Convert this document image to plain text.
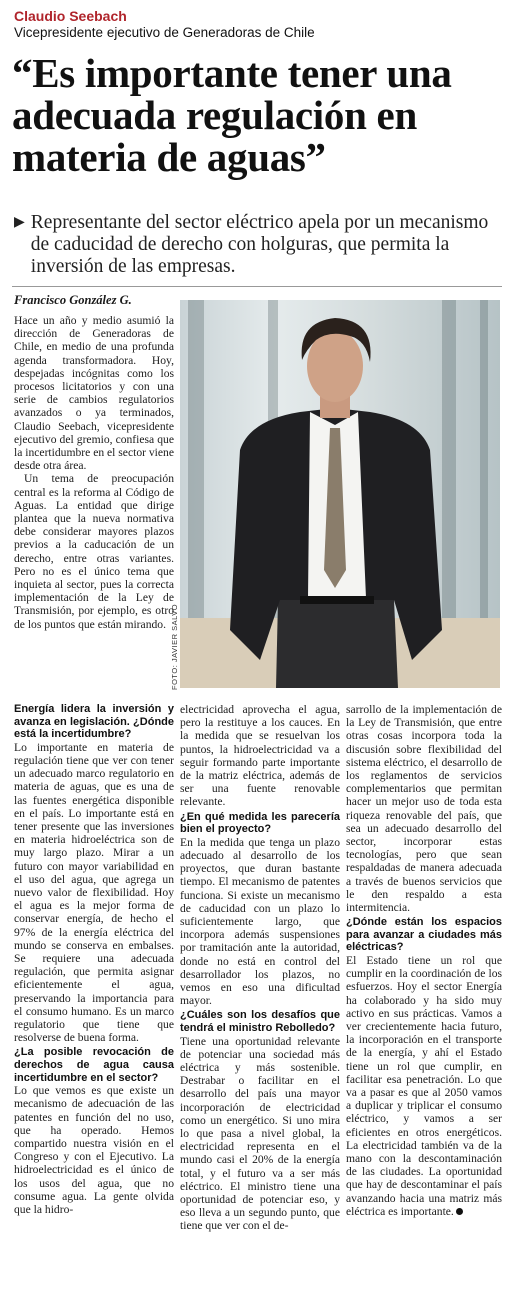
Claudio Seebach
Vicepresidente ejecutivo de Generadoras de Chile
“Es importante tener una adecuada regulación en materia de aguas”
▶ Representante del sector eléctrico apela por un mecanismo de caducidad de derecho con holguras, que permita la inversión de las empresas.
Francisco González G.

Hace un año y medio asumió la dirección de Generadoras de Chile, en medio de una profunda agenda transformadora. Hoy, despejadas incógnitas como los procesos licitatorios y con una serie de cambios regulatorios avanzados o ya terminados, Claudio Seebach, vicepresidente ejecutivo del gremio, confiesa que la incertidumbre en el sector viene desde otra área.

Un tema de preocupación central es la reforma al Código de Aguas. La entidad que dirige plantea que la nueva normativa debe considerar mayores plazos previos a la caducación de un derecho, entre otras variantes. Pero no es el único tema que inquieta al sector, pues la correcta implementación de la Ley de Transmisión, por ejemplo, es otro de los puntos que están mirando. FOTO: JAVIER SALVO

Energía lidera la inversión y avanza en legislación. ¿Dónde está la incertidumbre?

Lo importante en materia de regulación tiene que ver con tener un adecuado marco regulatorio en materia de aguas, que es una de las fuentes energética disponible en el país. Lo importante está en tener presente que las inversiones en materia hidroeléctrica son de muy largo plazo. Mirar a un futuro con mayor variabilidad en el uso del agua, que agrega un nuevo valor de flexibilidad. Hoy el agua es la mejor forma de conservar energía, de hecho el 97% de la energía eléctrica del mundo se conserva en embalses. Se requiere una adecuada regulación, que permita asignar eficientemente el agua, preservando la importancia para el consumo humano. Es un marco regulatorio que tiene que resolverse de buena forma.

¿La posible revocación de derechos de agua causa incertidumbre en el sector?

Lo que vemos es que existe un mecanismo de adecuación de las patentes en función del no uso, que ha operado. Hemos compartido nuestra visión en el Congreso y con el Ejecutivo. La hidroelectricidad es el único de los usos del agua, que no consume agua. La gente olvida que la hidro-

electricidad aprovecha el agua, pero la restituye a los cauces. En la medida que se resuelvan los puntos, la hidroelectricidad va a seguir formando parte importante de la matriz eléctrica, además de ser una fuente renovable relevante.

¿En qué medida les parecería bien el proyecto?

En la medida que tenga un plazo adecuado al desarrollo de los proyectos, que duran bastante tiempo. El mecanismo de patentes funciona. Si existe un mecanismo de caducidad con un plazo lo suficientemente largo, que incorpora además suspensiones por tramitación ante la autoridad, donde no está en control del desarrollador los plazos, no vemos en eso una dificultad mayor.

¿Cuáles son los desafíos que tendrá el ministro Rebolledo?

Tiene una oportunidad relevante de potenciar una sociedad más eléctrica y más sostenible. Destrabar o facilitar en el desarrollo del país una mayor incorporación de electricidad como un energético. Si uno mira lo que pasa a nivel global, la electricidad representa en el mundo casi el 20% de la energía total, y el futuro va a ser más eléctrico. El ministro tiene una oportunidad de potenciar eso, y eso lleva a un segundo punto, que tiene que ver con el de-

sarrollo de la implementación de la Ley de Transmisión, que entre otras cosas incorpora toda la discusión sobre flexibilidad del sistema eléctrico, el desarrollo de los reglamentos de servicios complementarios que permitan hacer un mejor uso de toda esta riqueza renovable del país, que sea un adecuado desarrollo del sector, incorporar estas tecnologías, pero que sean respaldadas de manera adecuada a través de buenos servicios que le den respaldo a esta intermitencia.

¿Dónde están los espacios para avanzar a ciudades más eléctricas?

El Estado tiene un rol que cumplir en la coordinación de los esfuerzos. Hoy el sector Energía ha colaborado y ha sido muy activo en sus prácticas. Vamos a ver crecientemente hacia futuro, la incorporación en el transporte de la energía, y ahí el Estado tiene un rol que cumplir, en facilitar esa penetración. Lo que va a pasar es que al 2050 vamos a duplicar y triplicar el consumo eléctrico, y vamos a ser eficientes en otros energéticos. La electricidad también va de la mano con la descontaminación de las ciudades. La oportunidad que hay de descontaminar el país avanzando hacia una matriz más eléctrica es importante.
